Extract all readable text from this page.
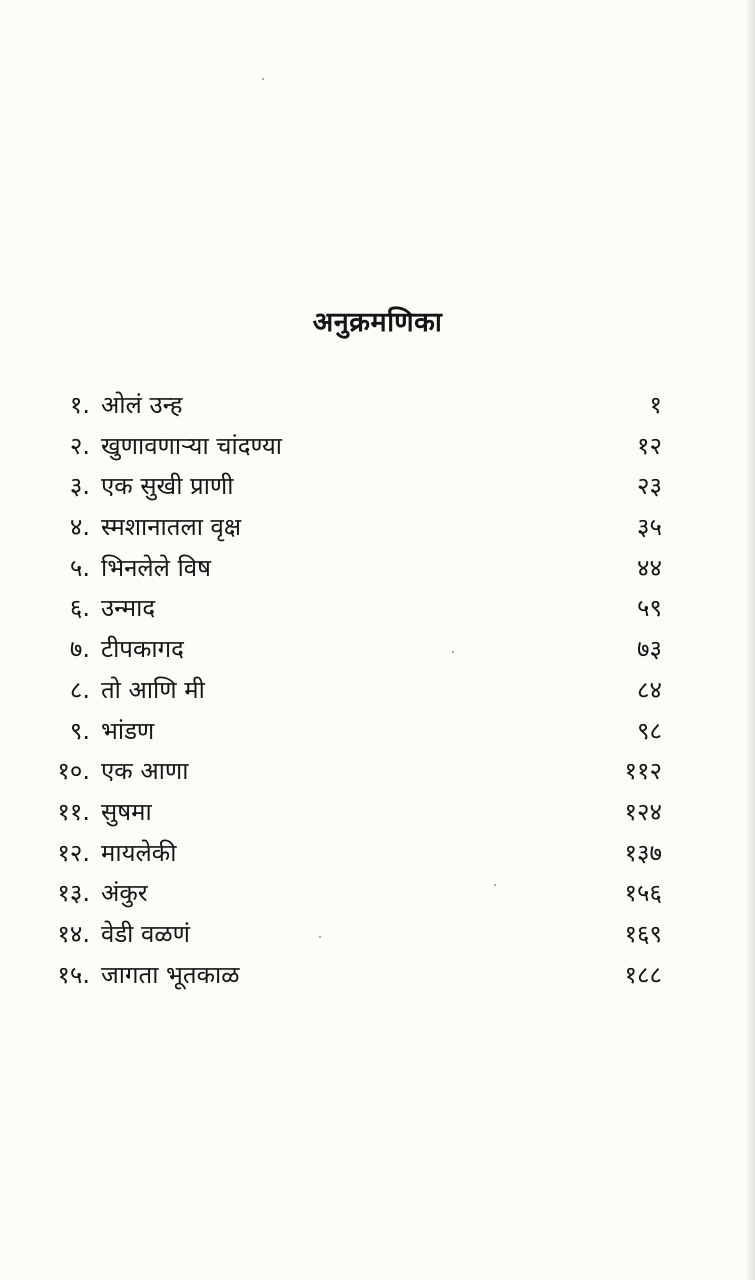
अनुक्रमणिका
१. ओलं उन्ह	१
२. खुणावणाऱ्या चांदण्या	१२
३. एक सुखी प्राणी	२३
४. स्मशानातला वृक्ष	३५
५. भिनलेले विष	४४
६. उन्माद	५९
७. टीपकागद	७३
८. तो आणि मी	८४
९. भांडण	९८
१०. एक आणा	११२
११. सुषमा	१२४
१२. मायलेकी	१३७
१३. अंकुर	१५६
१४. वेडी वळणं	१६९
१५. जागता भूतकाळ	१८८
